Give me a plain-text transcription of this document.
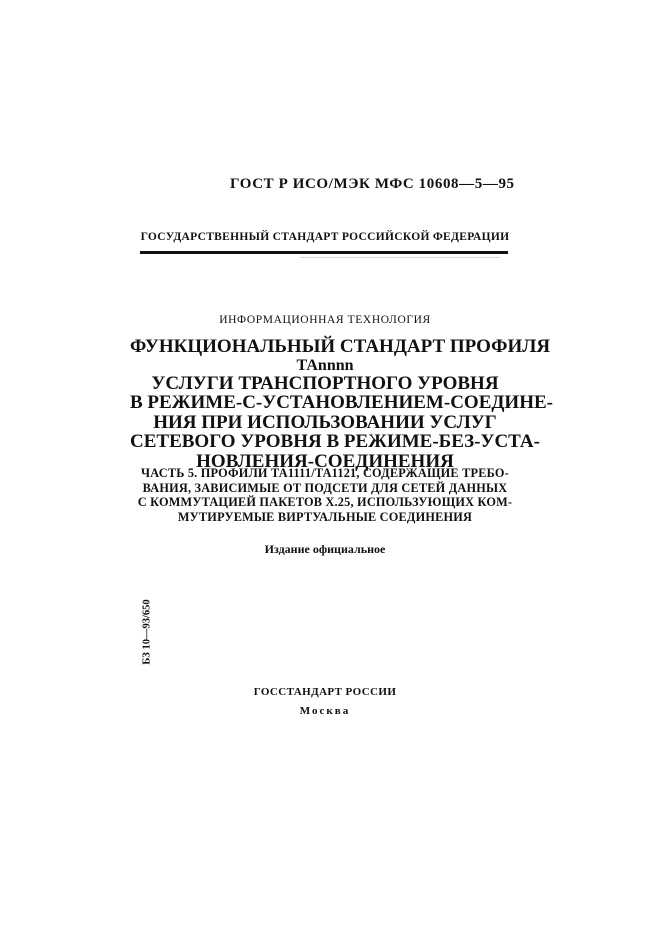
ГОСТ Р ИСО/МЭК МФС 10608—5—95
ГОСУДАРСТВЕННЫЙ СТАНДАРТ РОССИЙСКОЙ ФЕДЕРАЦИИ
ИНФОРМАЦИОННАЯ ТЕХНОЛОГИЯ
ФУНКЦИОНАЛЬНЫЙ СТАНДАРТ ПРОФИЛЯ
ТАnnnn
УСЛУГИ ТРАНСПОРТНОГО УРОВНЯ
В РЕЖИМЕ-С-УСТАНОВЛЕНИЕМ-СОЕДИНЕ-
НИЯ ПРИ ИСПОЛЬЗОВАНИИ УСЛУГ
СЕТЕВОГО УРОВНЯ В РЕЖИМЕ-БЕЗ-УСТА-
НОВЛЕНИЯ-СОЕДИНЕНИЯ
ЧАСТЬ 5. ПРОФИЛИ ТА1111/ТА1121, СОДЕРЖАЩИЕ ТРЕБО-
ВАНИЯ, ЗАВИСИМЫЕ ОТ ПОДСЕТИ ДЛЯ СЕТЕЙ ДАННЫХ
С КОММУТАЦИЕЙ ПАКЕТОВ X.25, ИСПОЛЬЗУЮЩИХ КОМ-
МУТИРУЕМЫЕ ВИРТУАЛЬНЫЕ СОЕДИНЕНИЯ
Издание официальное
БЗ 10—93/650
ГОССТАНДАРТ РОССИИ
Москва
